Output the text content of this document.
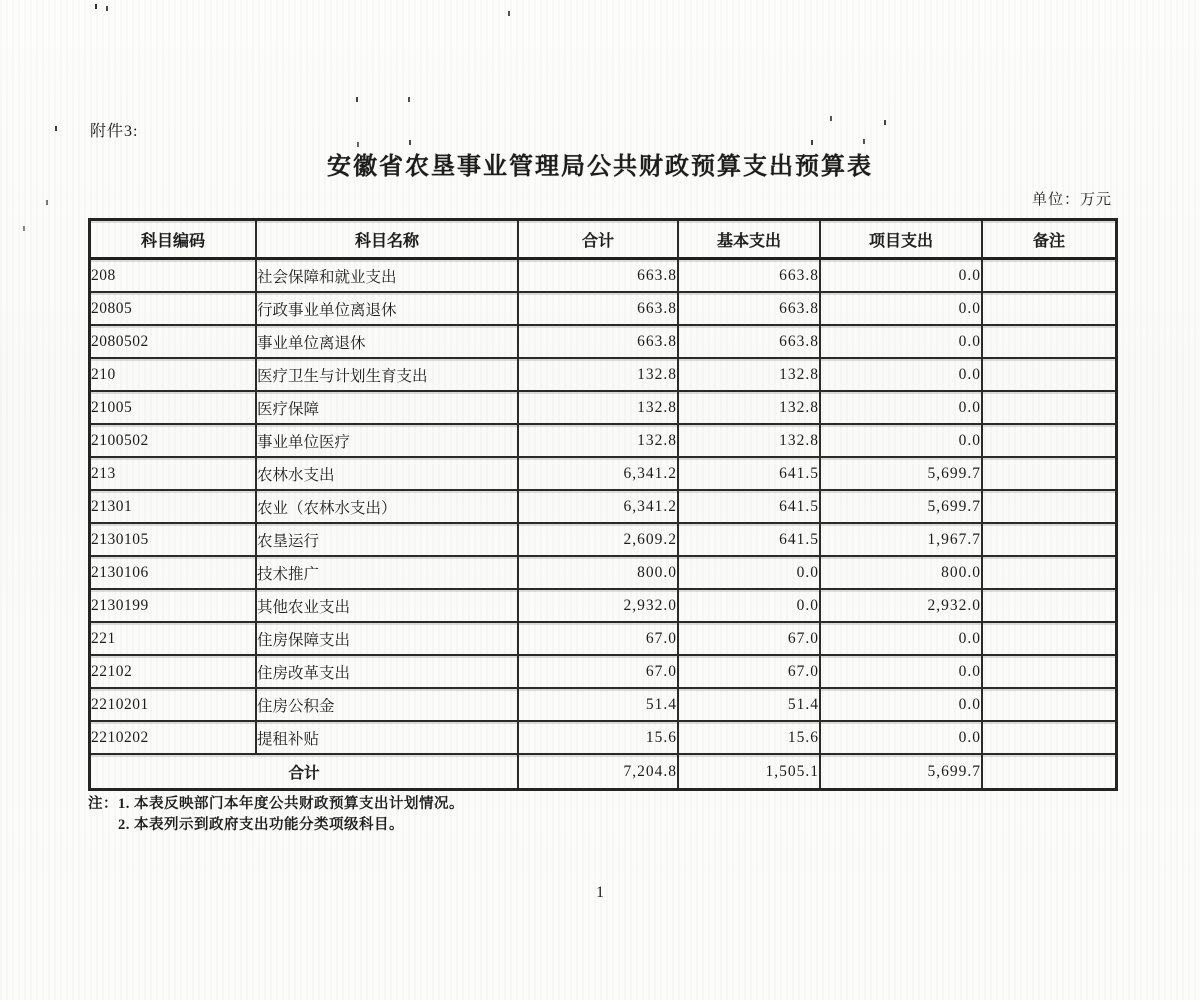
附件3:
安徽省农垦事业管理局公共财政预算支出预算表
单位：万元
科目编码	科目名称	合计	基本支出	项目支出	备注
208	社会保障和就业支出	663.8	663.8	0.0	
20805	行政事业单位离退休	663.8	663.8	0.0	
2080502	事业单位离退休	663.8	663.8	0.0	
210	医疗卫生与计划生育支出	132.8	132.8	0.0	
21005	医疗保障	132.8	132.8	0.0	
2100502	事业单位医疗	132.8	132.8	0.0	
213	农林水支出	6,341.2	641.5	5,699.7	
21301	农业（农林水支出）	6,341.2	641.5	5,699.7	
2130105	农垦运行	2,609.2	641.5	1,967.7	
2130106	技术推广	800.0	0.0	800.0	
2130199	其他农业支出	2,932.0	0.0	2,932.0	
221	住房保障支出	67.0	67.0	0.0	
22102	住房改革支出	67.0	67.0	0.0	
2210201	住房公积金	51.4	51.4	0.0	
2210202	提租补贴	15.6	15.6	0.0	
合计		7,204.8	1,505.1	5,699.7	
注： 1. 本表反映部门本年度公共财政预算支出计划情况。
2. 本表列示到政府支出功能分类项级科目。
1
